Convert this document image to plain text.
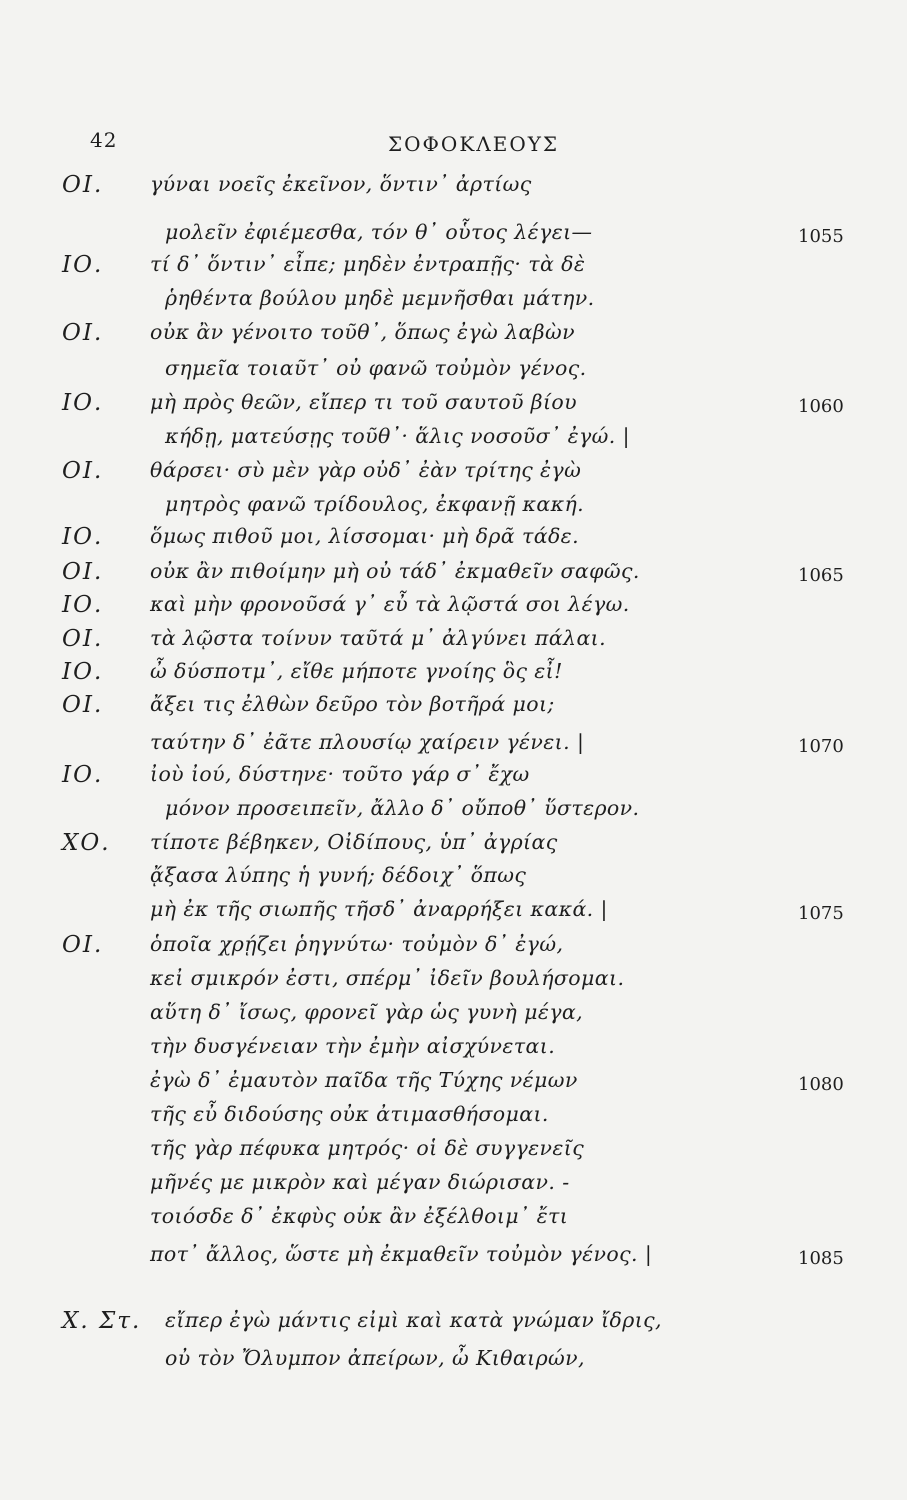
42	ΣΟΦΟΚΛΕΟΥΣ
ΟΙ. γύναι νοεῖς ἐκεῖνον, ὅντιν᾽ ἀρτίως
μολεῖν ἐφιέμεσθα, τόν θ᾽ οὗτος λέγει—	1055
ΙΟ. τί δ᾽ ὅντιν᾽ εἶπε; μηδὲν ἐντραπῇς· τὰ δὲ
ῥηθέντα βούλου μηδὲ μεμνῆσθαι μάτην.
ΟΙ. οὐκ ἂν γένοιτο τοῦθ᾽, ὅπως ἐγὼ λαβὼν
σημεῖα τοιαῦτ᾽ οὐ φανῶ τοὐμὸν γένος.
ΙΟ. μὴ πρὸς θεῶν, εἴπερ τι τοῦ σαυτοῦ βίου	1060
κήδῃ, ματεύσῃς τοῦθ᾽· ἅλις νοσοῦσ᾽ ἐγώ. |
ΟΙ. θάρσει· σὺ μὲν γὰρ οὐδ᾽ ἐὰν τρίτης ἐγὼ
μητρὸς φανῶ τρίδουλος, ἐκφανῇ κακή.
ΙΟ. ὅμως πιθοῦ μοι, λίσσομαι· μὴ δρᾶ τάδε.
ΟΙ. οὐκ ἂν πιθοίμην μὴ οὐ τάδ᾽ ἐκμαθεῖν σαφῶς.	1065
ΙΟ. καὶ μὴν φρονοῦσά γ᾽ εὖ τὰ λῷστά σοι λέγω.
ΟΙ. τὰ λῷστα τοίνυν ταῦτά μ᾽ ἀλγύνει πάλαι.
ΙΟ. ὦ δύσποτμ᾽, εἴθε μήποτε γνοίης ὃς εἶ!
ΟΙ. ἄξει τις ἐλθὼν δεῦρο τὸν βοτῆρά μοι;
ταύτην δ᾽ ἐᾶτε πλουσίῳ χαίρειν γένει. |	1070
ΙΟ. ἰοὺ ἰού, δύστηνε· τοῦτο γάρ σ᾽ ἔχω
μόνον προσειπεῖν, ἄλλο δ᾽ οὔποθ᾽ ὕστερον.
ΧΟ. τίποτε βέβηκεν, Οἰδίπους, ὑπ᾽ ἀγρίας
ᾄξασα λύπης ἡ γυνή; δέδοιχ᾽ ὅπως
μὴ ἐκ τῆς σιωπῆς τῆσδ᾽ ἀναρρήξει κακά. |	1075
ΟΙ. ὁποῖα χρῄζει ῥηγνύτω· τοὐμὸν δ᾽ ἐγώ,
κεἰ σμικρόν ἐστι, σπέρμ᾽ ἰδεῖν βουλήσομαι.
αὕτη δ᾽ ἴσως, φρονεῖ γὰρ ὡς γυνὴ μέγα,
τὴν δυσγένειαν τὴν ἐμὴν αἰσχύνεται.
ἐγὼ δ᾽ ἐμαυτὸν παῖδα τῆς Τύχης νέμων	1080
τῆς εὖ διδούσης οὐκ ἀτιμασθήσομαι.
τῆς γὰρ πέφυκα μητρός· οἱ δὲ συγγενεῖς
μῆνές με μικρὸν καὶ μέγαν διώρισαν. -
τοιόσδε δ᾽ ἐκφὺς οὐκ ἂν ἐξέλθοιμ᾽ ἔτι
ποτ᾽ ἄλλος, ὥστε μὴ ἐκμαθεῖν τοὐμὸν γένος. |	1085
Χ. Στ. εἴπερ ἐγὼ μάντις εἰμὶ καὶ κατὰ γνώμαν ἴδρις,
οὐ τὸν Ὄλυμπον ἀπείρων, ὦ Κιθαιρών,
